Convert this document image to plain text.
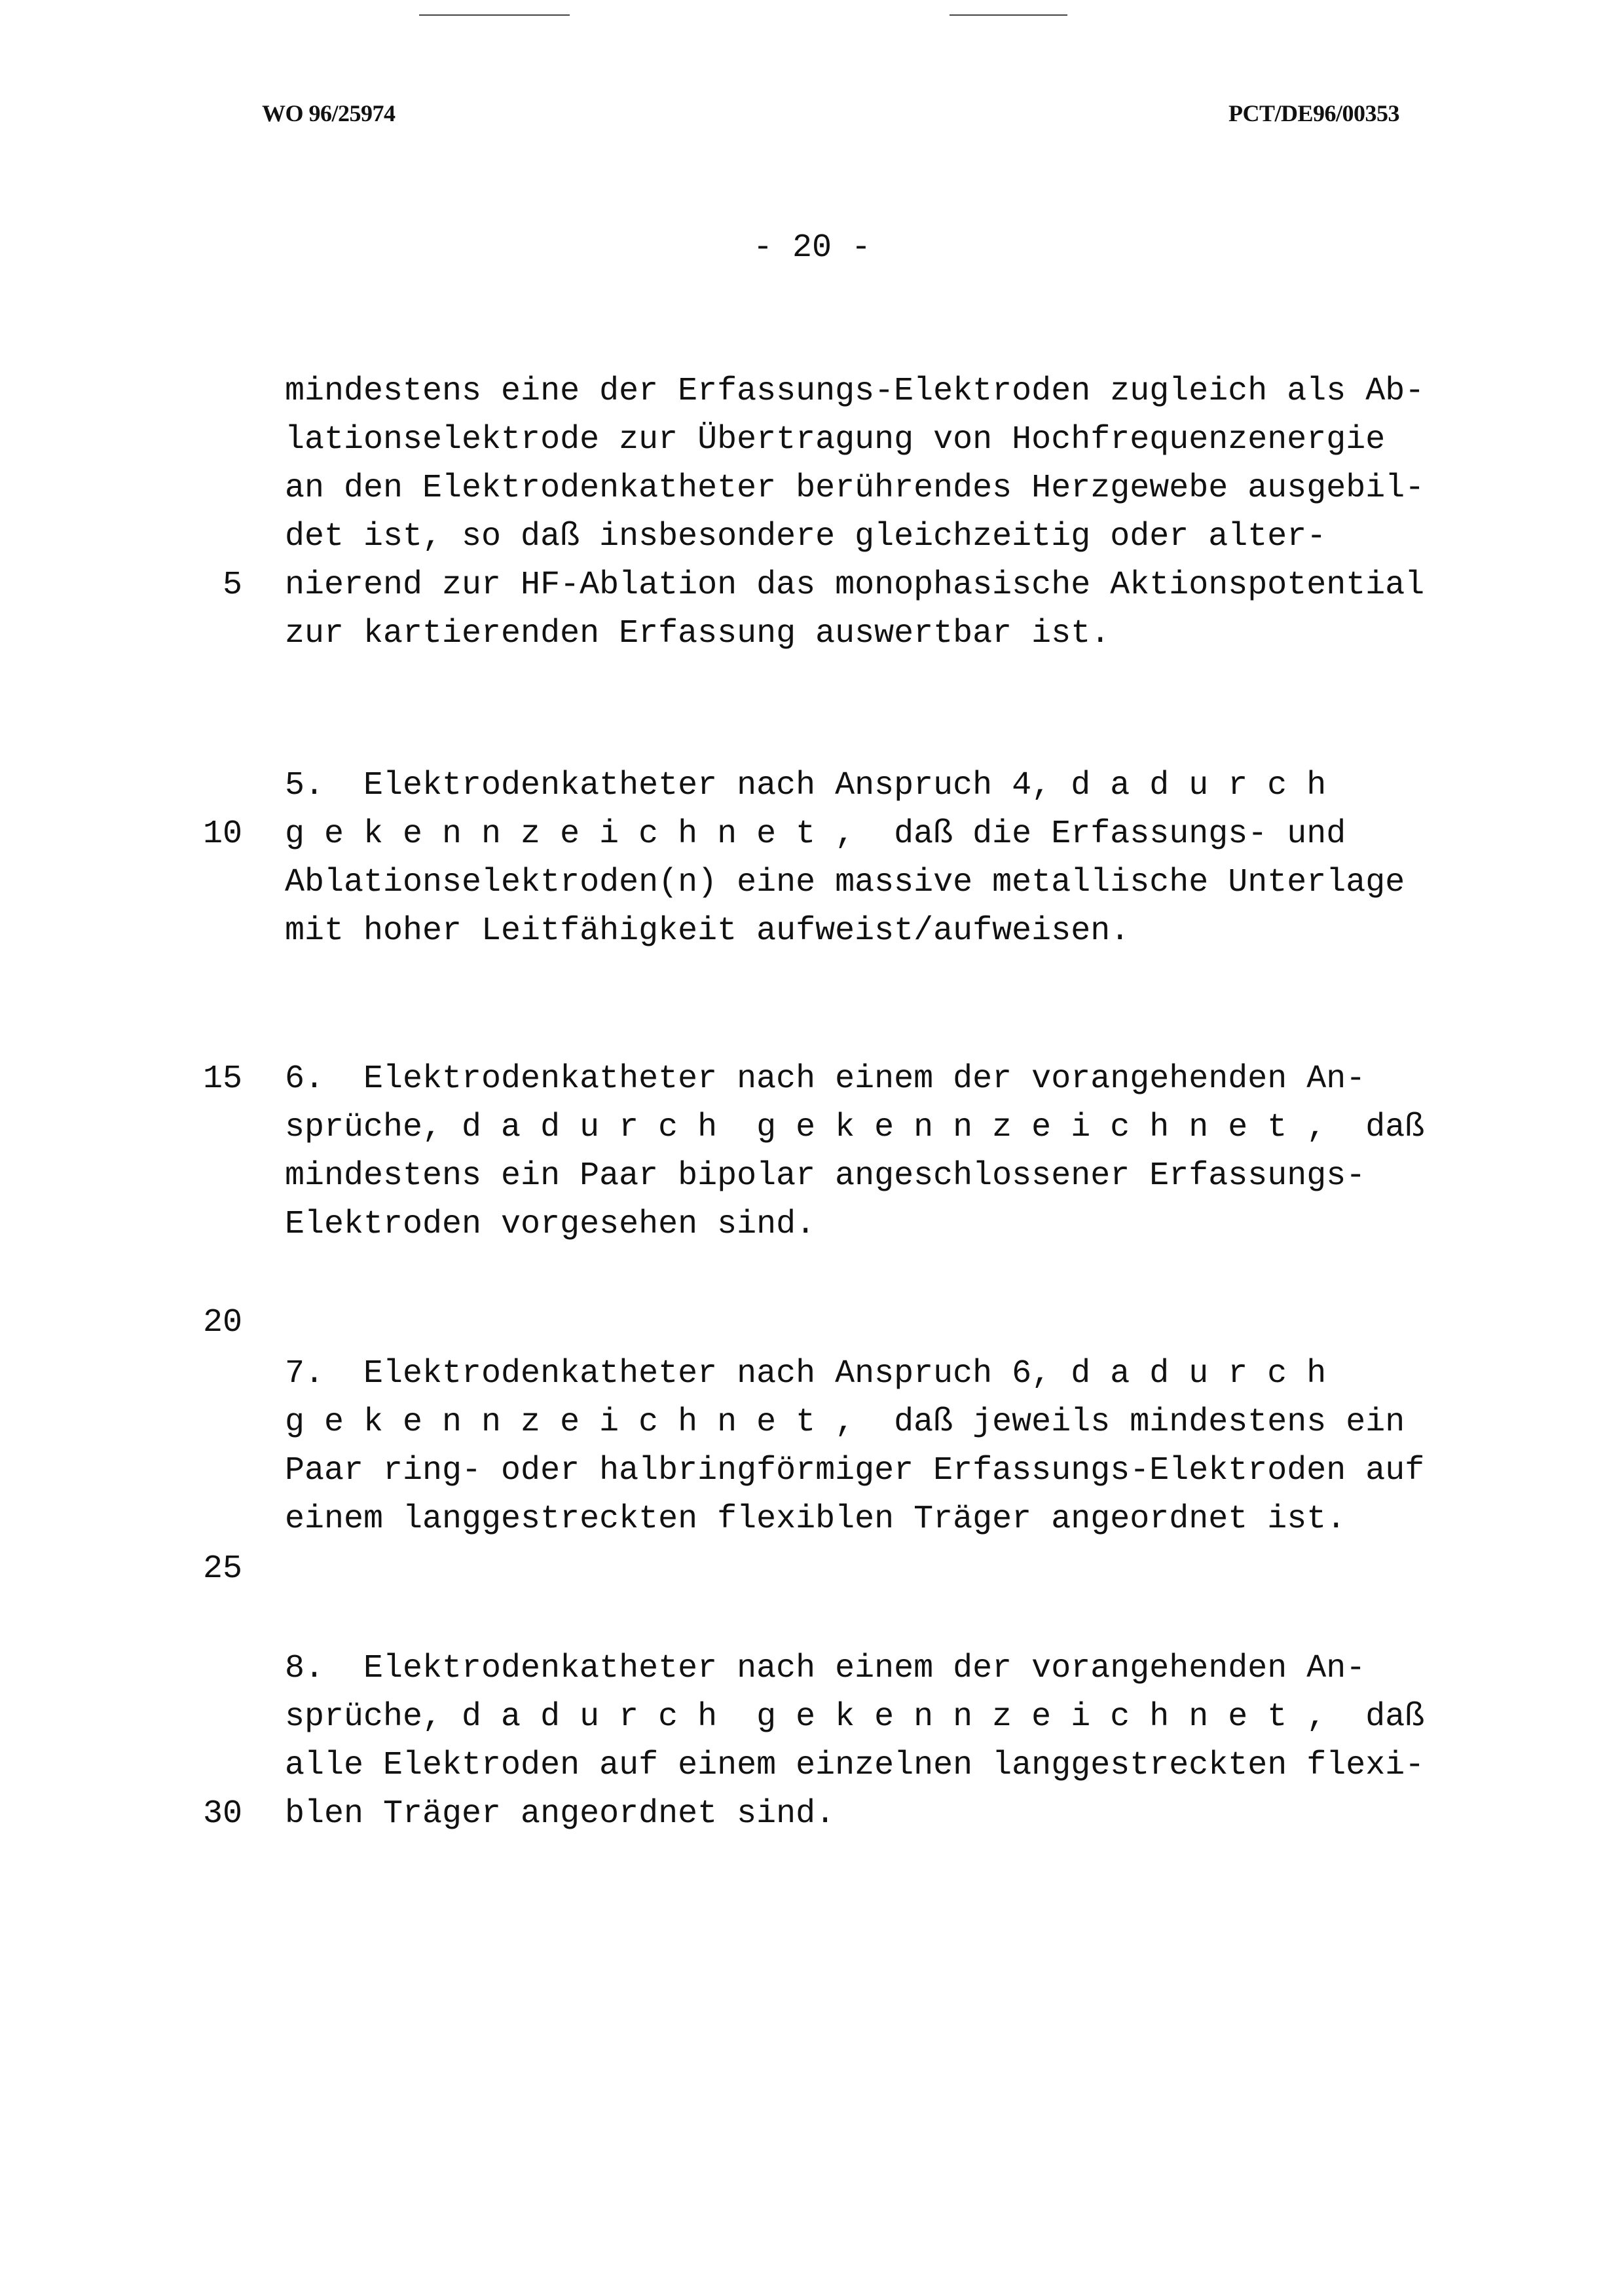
WO 96/25974	PCT/DE96/00353
- 20 -
mindestens eine der Erfassungs-Elektroden zugleich als Ab-
lationselektrode zur Übertragung von Hochfrequenzenergie
an den Elektrodenkatheter berührendes Herzgewebe ausgebil-
det ist, so daß insbesondere gleichzeitig oder alter-
nierend zur HF-Ablation das monophasische Aktionspotential
zur kartierenden Erfassung auswertbar ist.
5.  Elektrodenkatheter nach Anspruch 4, d a d u r c h
g e k e n n z e i c h n e t ,  daß die Erfassungs- und
Ablationselektroden(n) eine massive metallische Unterlage
mit hoher Leitfähigkeit aufweist/aufweisen.
6.  Elektrodenkatheter nach einem der vorangehenden An-
sprüche, d a d u r c h  g e k e n n z e i c h n e t ,  daß
mindestens ein Paar bipolar angeschlossener Erfassungs-
Elektroden vorgesehen sind.
7.  Elektrodenkatheter nach Anspruch 6, d a d u r c h
g e k e n n z e i c h n e t ,  daß jeweils mindestens ein
Paar ring- oder halbringförmiger Erfassungs-Elektroden auf
einem langgestreckten flexiblen Träger angeordnet ist.
8.  Elektrodenkatheter nach einem der vorangehenden An-
sprüche, d a d u r c h  g e k e n n z e i c h n e t ,  daß
alle Elektroden auf einem einzelnen langgestreckten flexi-
blen Träger angeordnet sind.
5
10
15
20
25
30
